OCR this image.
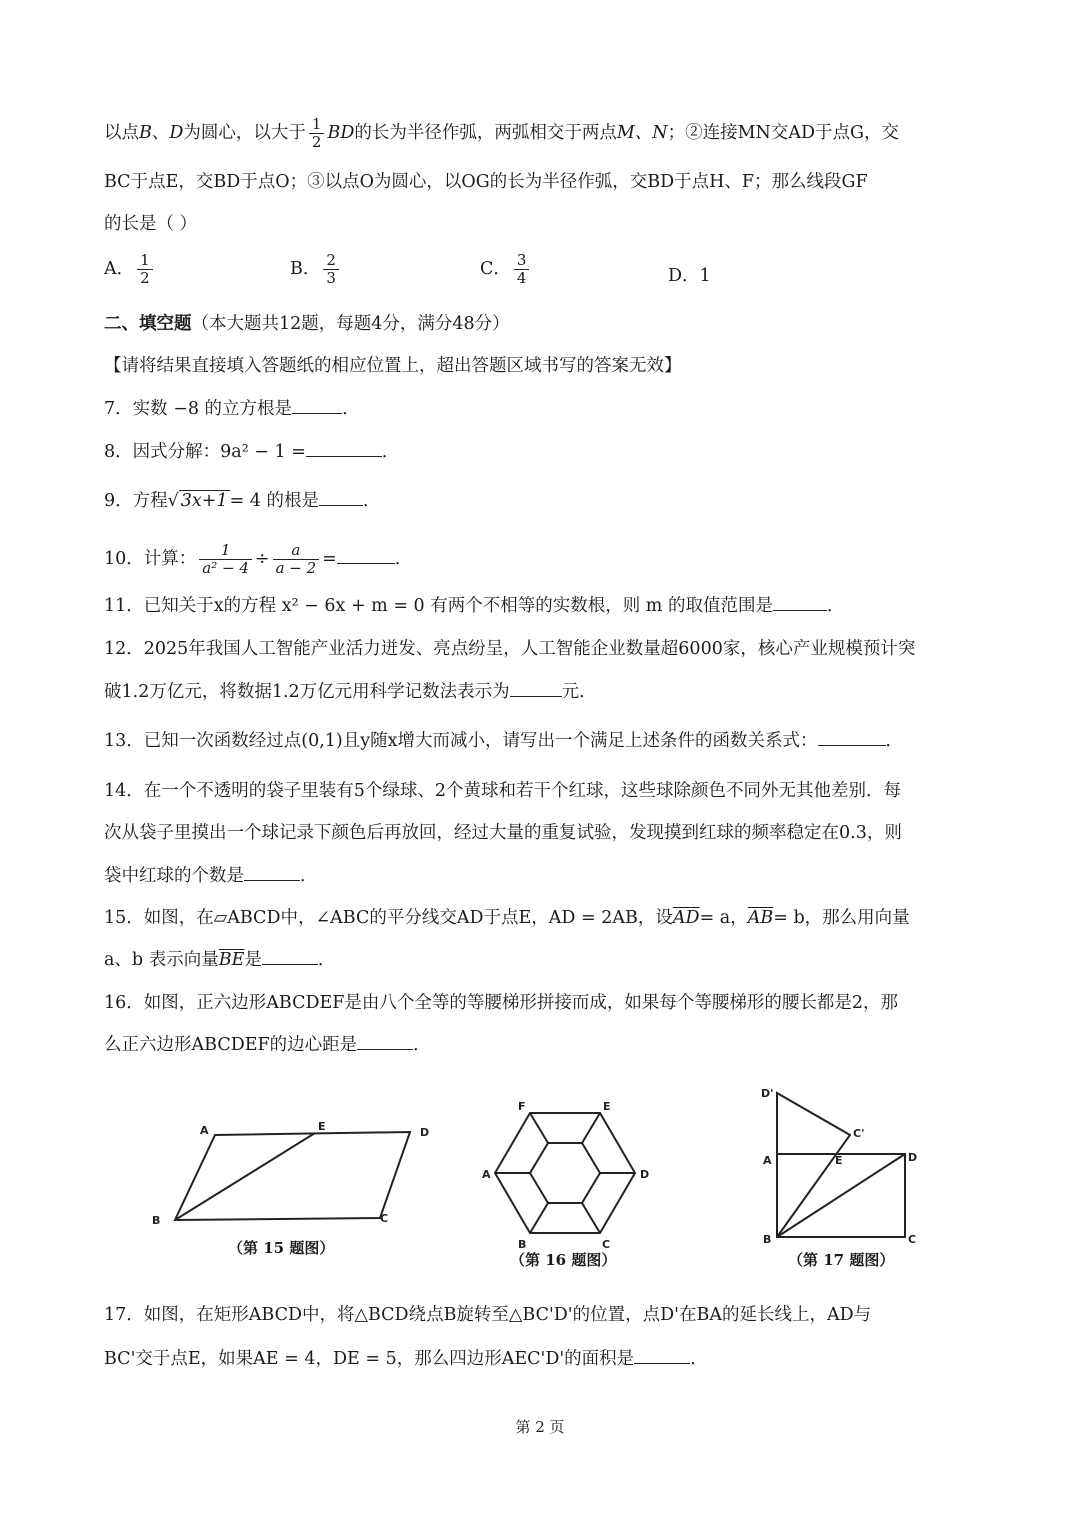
以点B、D为圆心，以大于 $\frac{1}{2}$ BD的长为半径作弧，两弧相交于两点M、N；②连接MN交AD于点G，交
BC于点E，交BD于点O；③以点O为圆心，以OG的长为半径作弧，交BD于点H、F；那么线段GF
的长是（ ）
A． $\frac{1}{2}$	B． $\frac{2}{3}$	C． $\frac{3}{4}$	D．1
二、填空题（本大题共12题，每题4分，满分48分）
【请将结果直接填入答题纸的相应位置上，超出答题区域书写的答案无效】
7．实数 −8 的立方根是	．
8．因式分解：9a² − 1 =	．
9．方程√ 3x+1 = 4 的根是	．
10．计算： $\frac{1}{\text{a² − 4}} \div \frac{a}{a - 2}$ =	．
11．已知关于x的方程 x² − 6x + m = 0 有两个不相等的实数根，则 m 的取值范围是	．
12．2025年我国人工智能产业活力迸发、亮点纷呈，人工智能企业数量超6000家，核心产业规模预计突
破1.2万亿元，将数据1.2万亿元用科学记数法表示为	元．
13．已知一次函数经过点(0,1)且y随x增大而减小，请写出一个满足上述条件的函数关系式：	．
14．在一个不透明的袋子里装有5个绿球、2个黄球和若干个红球，这些球除颜色不同外无其他差别．每
次从袋子里摸出一个球记录下颜色后再放回，经过大量的重复试验，发现摸到红球的频率稳定在0.3，则
袋中红球的个数是	．
15．如图，在▱ABCD中，∠ABC的平分线交AD于点E，AD = 2AB，设$\overline{AD}= a$，$\overline{AB}= b$，那么用向量
a、b 表示向量$\overline{BE}$是	．
16．如图，正六边形ABCDEF是由八个全等的等腰梯形拼接而成，如果每个等腰梯形的腰长都是2，那
么正六边形ABCDEF的边心距是	．
A	E	D
B	C
（第 15 题图）
F	E
A	D
B	C
（第 16 题图）
D'
C'
A	E	D
B	C
（第 17 题图）
17．如图，在矩形ABCD中，将△BCD绕点B旋转至△BC'D'的位置，点D'在BA的延长线上，AD与
BC'交于点E，如果AE = 4，DE = 5，那么四边形AEC'D'的面积是	．
第 2 页
